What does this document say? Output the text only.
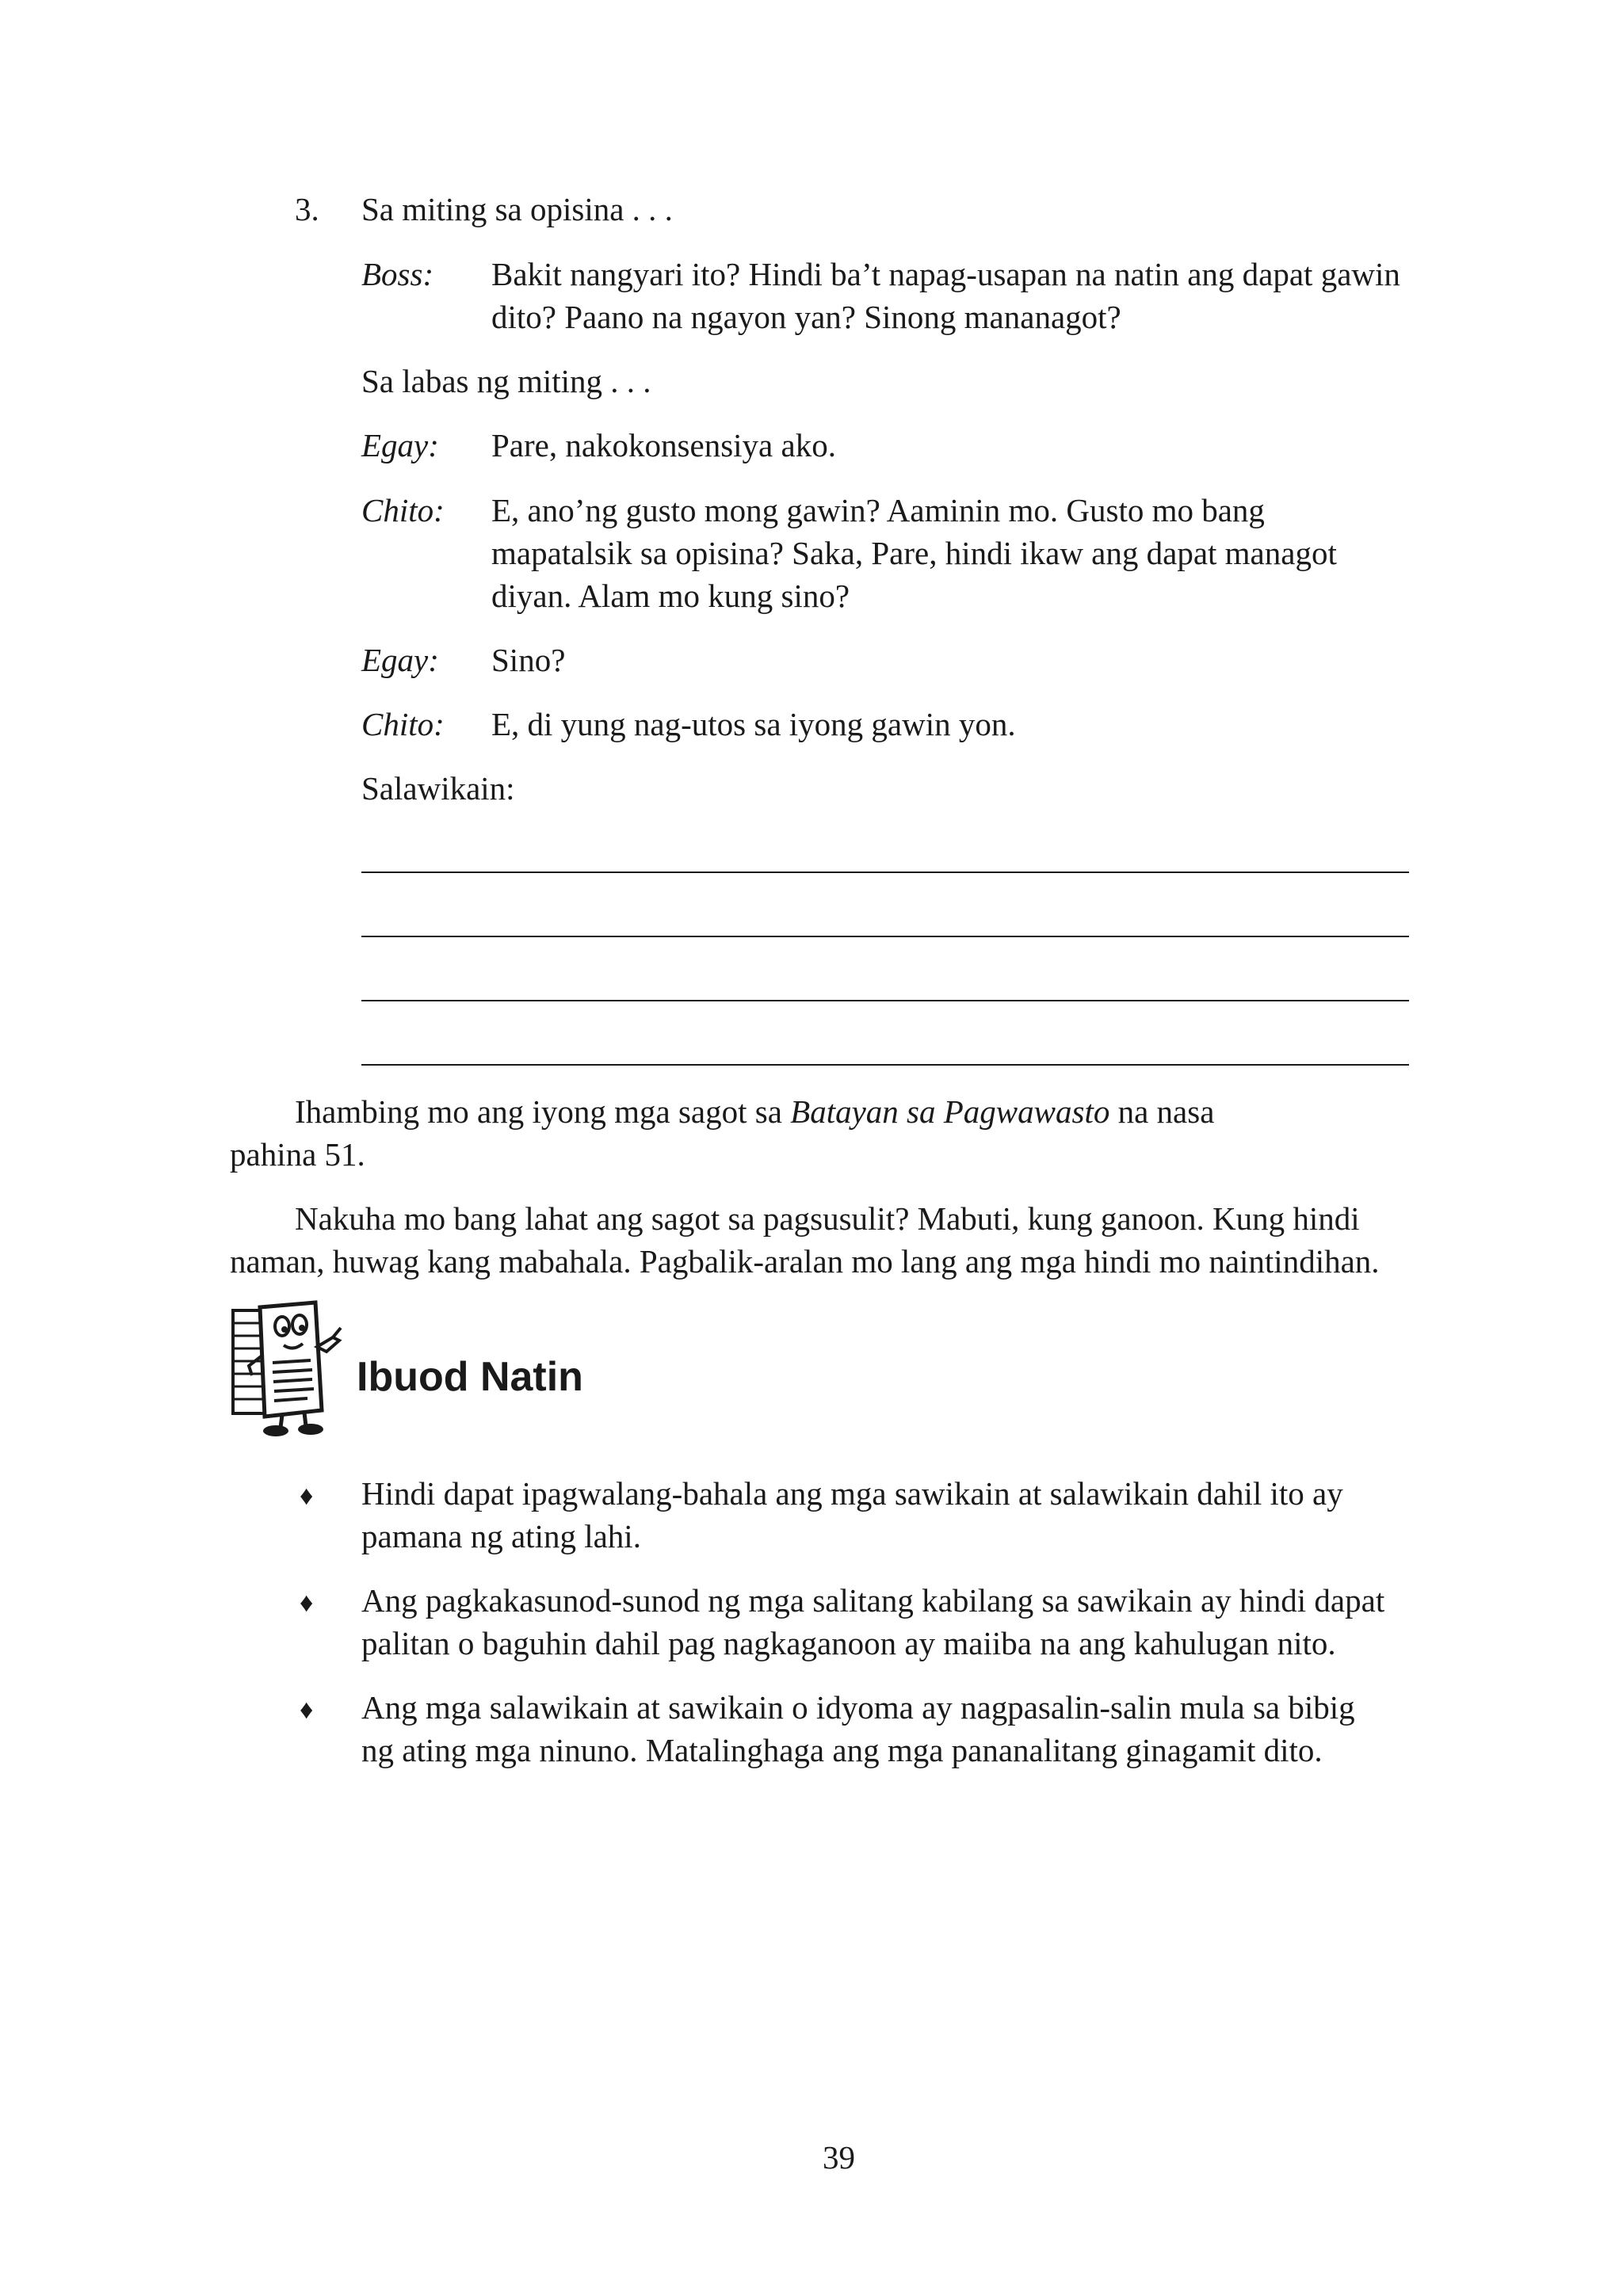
3. Sa miting sa opisina . . .
Boss: Bakit nangyari ito? Hindi ba’t napag-usapan na natin ang dapat gawin
dito? Paano na ngayon yan? Sinong mananagot?
Sa labas ng miting . . .
Egay: Pare, nakokonsensiya ako.
Chito: E, ano’ng gusto mong gawin? Aaminin mo. Gusto mo bang
mapatalsik sa opisina? Saka, Pare, hindi ikaw ang dapat managot
diyan. Alam mo kung sino?
Egay: Sino?
Chito: E, di yung nag-utos sa iyong gawin yon.
Salawikain:
Ihambing mo ang iyong mga sagot sa Batayan sa Pagwawasto na nasa
pahina 51.
Nakuha mo bang lahat ang sagot sa pagsusulit? Mabuti, kung ganoon. Kung hindi
naman, huwag kang mabahala. Pagbalik-aralan mo lang ang mga hindi mo naintindihan.
Ibuod Natin
♦ Hindi dapat ipagwalang-bahala ang mga sawikain at salawikain dahil ito ay
pamana ng ating lahi.
♦ Ang pagkakasunod-sunod ng mga salitang kabilang sa sawikain ay hindi dapat
palitan o baguhin dahil pag nagkaganoon ay maiiba na ang kahulugan nito.
♦ Ang mga salawikain at sawikain o idyoma ay nagpasalin-salin mula sa bibig
ng ating mga ninuno. Matalinghaga ang mga pananalitang ginagamit dito.
39
